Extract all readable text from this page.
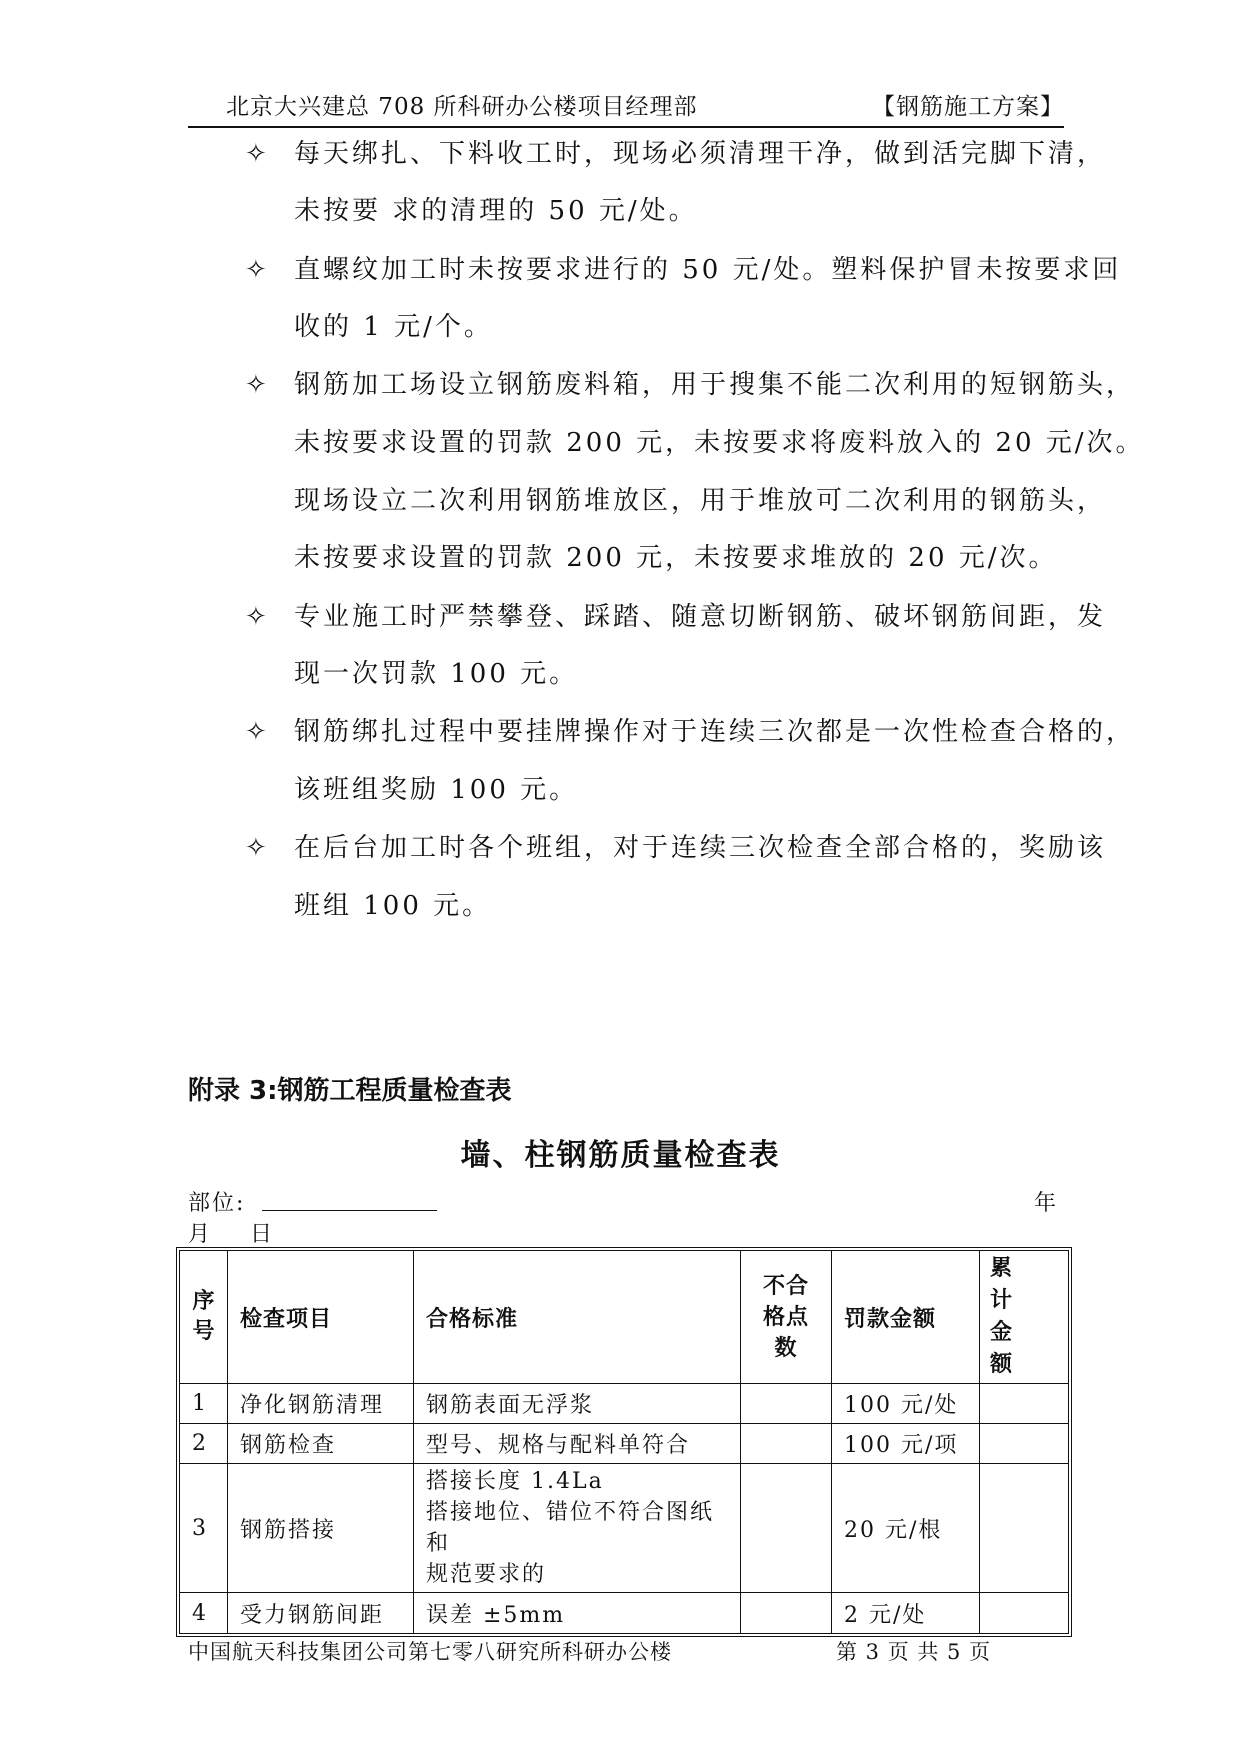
北京大兴建总 708 所科研办公楼项目经理部	【钢筋施工方案】
✧ 每天绑扎、下料收工时，现场必须清理干净，做到活完脚下清，
未按要 求的清理的 50 元/处。
✧ 直螺纹加工时未按要求进行的 50 元/处。塑料保护冒未按要求回
收的 1 元/个。
✧ 钢筋加工场设立钢筋废料箱，用于搜集不能二次利用的短钢筋头，
未按要求设置的罚款 200 元，未按要求将废料放入的 20 元/次。
现场设立二次利用钢筋堆放区，用于堆放可二次利用的钢筋头，
未按要求设置的罚款 200 元，未按要求堆放的 20 元/次。
✧ 专业施工时严禁攀登、踩踏、随意切断钢筋、破坏钢筋间距，发
现一次罚款 100 元。
✧ 钢筋绑扎过程中要挂牌操作对于连续三次都是一次性检查合格的，
该班组奖励 100 元。
✧ 在后台加工时各个班组，对于连续三次检查全部合格的，奖励该
班组 100 元。
附录 3:钢筋工程质量检查表
墙、柱钢筋质量检查表
部位:	年
月 日
序号	检查项目	合格标准	不合格点数	罚款金额	累 计 金 额

1	净化钢筋清理	钢筋表面无浮浆		100 元/处	
2	钢筋检查	型号、规格与配料单符合		100 元/项	
3	钢筋搭接	搭接长度 1.4La
搭接地位、错位不符合图纸和
规范要求的		20 元/根	
4	受力钢筋间距	误差 ±5mm		2 元/处	
中国航天科技集团公司第七零八研究所科研办公楼	第 3 页 共 5 页
